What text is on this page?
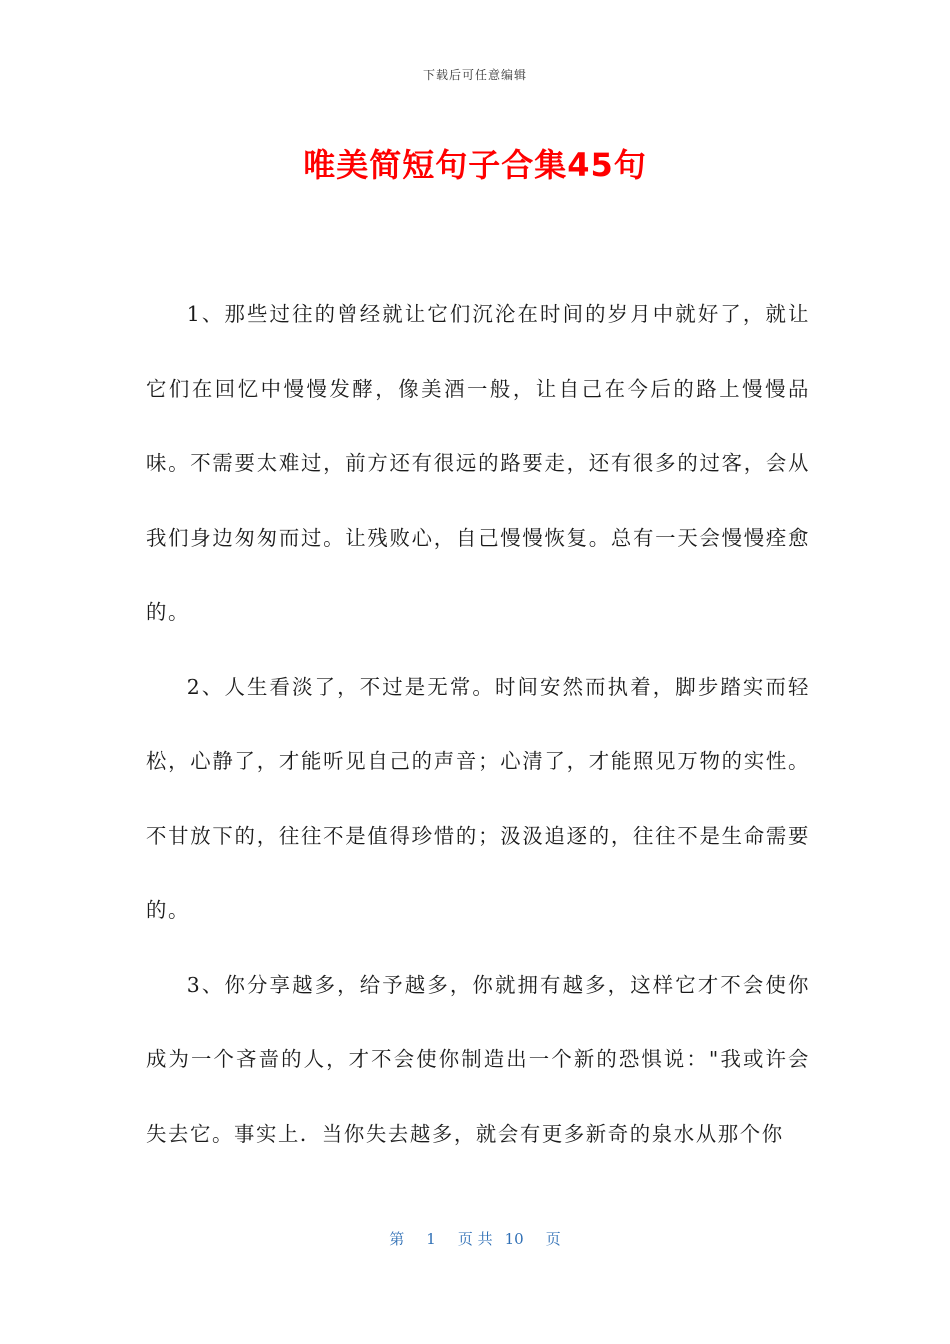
下载后可任意编辑
唯美简短句子合集45句

1、那些过往的曾经就让它们沉沦在时间的岁月中就好了，就让它们在回忆中慢慢发酵，像美酒一般，让自己在今后的路上慢慢品味。不需要太难过，前方还有很远的路要走，还有很多的过客，会从我们身边匆匆而过。让残败心，自己慢慢恢复。总有一天会慢慢痊愈的。

2、人生看淡了，不过是无常。时间安然而执着，脚步踏实而轻松，心静了，才能听见自己的声音；心清了，才能照见万物的实性。不甘放下的，往往不是值得珍惜的；汲汲追逐的，往往不是生命需要的。

3、你分享越多，给予越多，你就拥有越多，这样它才不会使你成为一个吝啬的人，才不会使你制造出一个新的恐惧说："我或许会失去它。事实上．当你失去越多，就会有更多新奇的泉水从那个你

第 1 页 共 10 页
